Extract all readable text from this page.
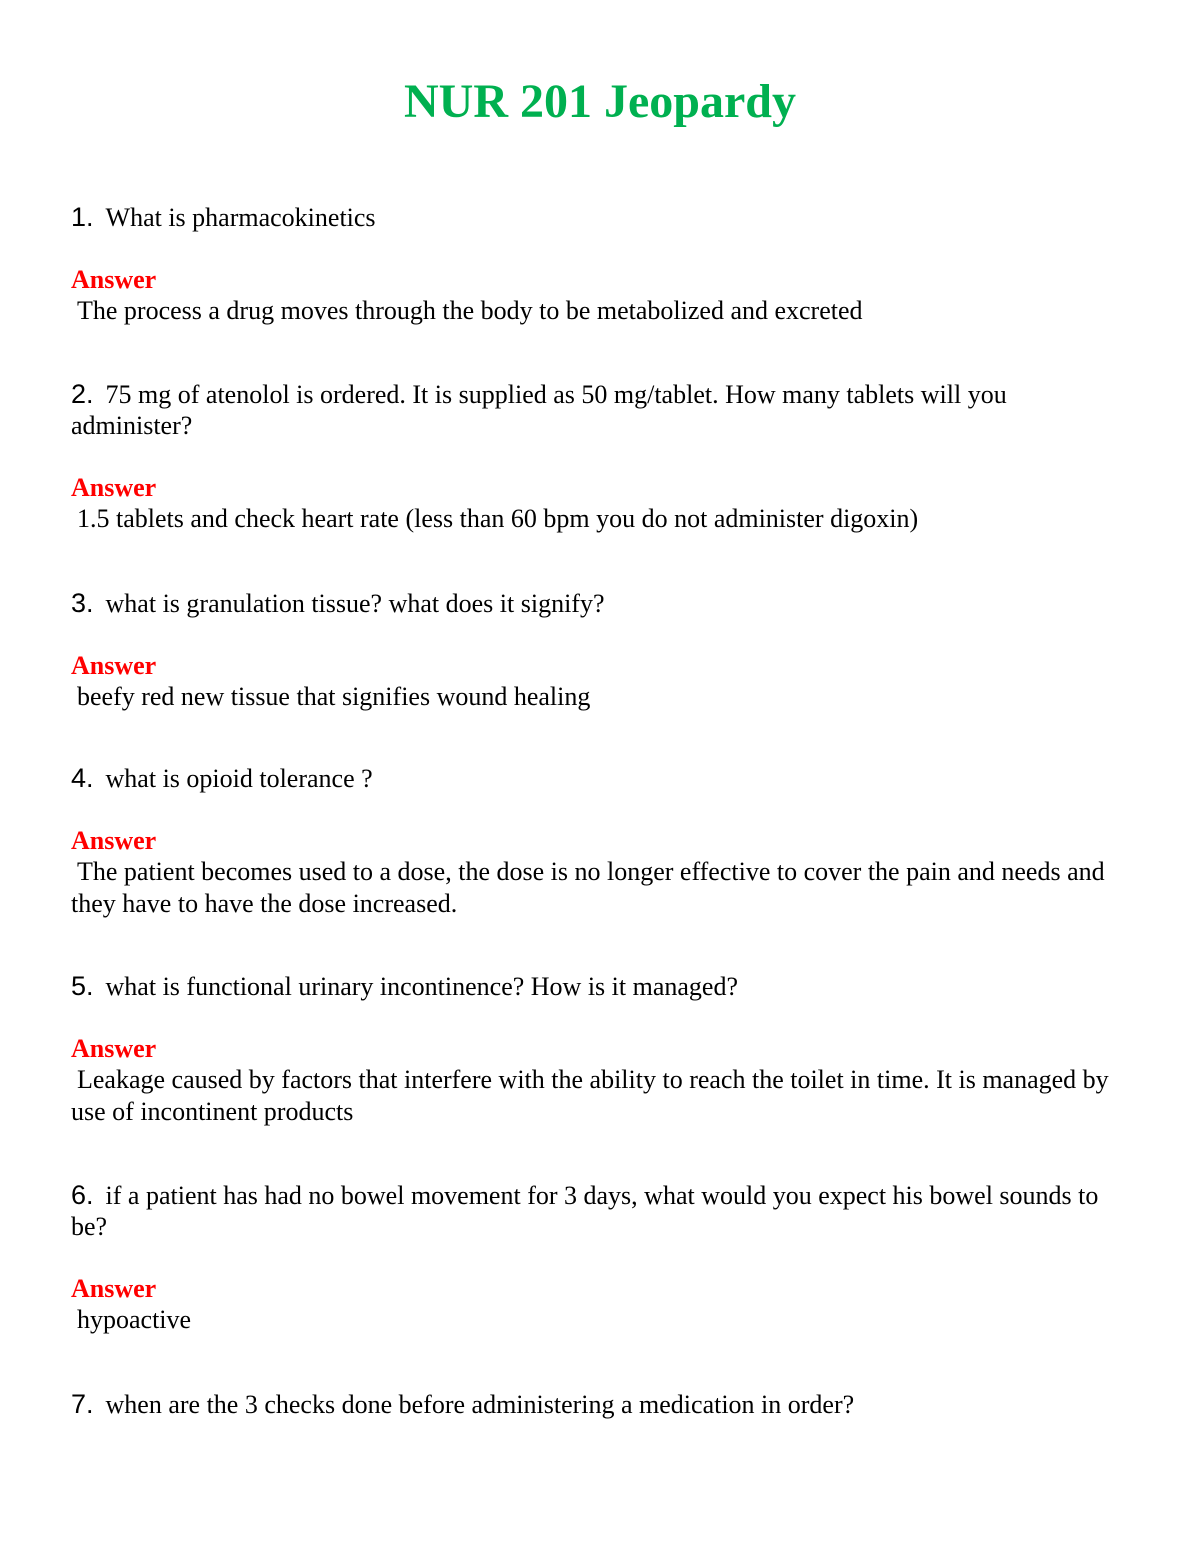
NUR 201 Jeopardy
1. What is pharmacokinetics
Answer
The process a drug moves through the body to be metabolized and excreted
2. 75 mg of atenolol is ordered. It is supplied as 50 mg/tablet. How many tablets will you administer?
Answer
1.5 tablets and check heart rate (less than 60 bpm you do not administer digoxin)
3. what is granulation tissue? what does it signify?
Answer
beefy red new tissue that signifies wound healing
4. what is opioid tolerance ?
Answer
The patient becomes used to a dose, the dose is no longer effective to cover the pain and needs and they have to have the dose increased.
5. what is functional urinary incontinence? How is it managed?
Answer
Leakage caused by factors that interfere with the ability to reach the toilet in time. It is managed by use of incontinent products
6. if a patient has had no bowel movement for 3 days, what would you expect his bowel sounds to be?
Answer
hypoactive
7. when are the 3 checks done before administering a medication in order?
